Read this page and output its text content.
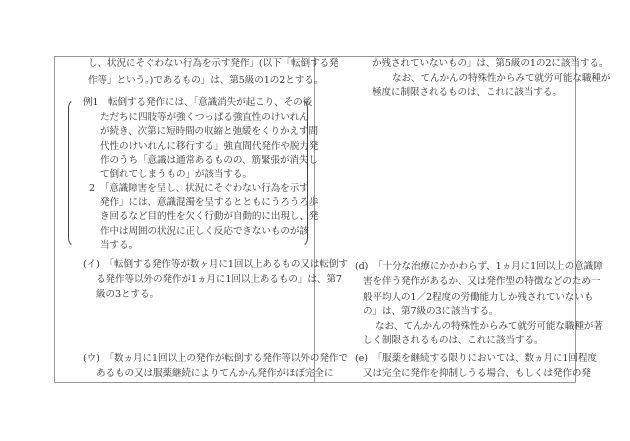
し、状況にそぐわない行為を示す発作」(以下「転倒する発
作等」という。)であるもの」は、第5級の1の2とする。
例1　転倒する発作には、「意識消失が起こり、その後
ただちに四肢等が強くつっぱる強直性のけいれん
が続き、次第に短時間の収縮と弛緩をくりかえす間
代性のけいれんに移行する」強直間代発作や脱力発
作のうち「意識は通常あるものの、筋緊張が消失し
て倒れてしまうもの」が該当する。
2　「意識障害を呈し、状況にそぐわない行為を示す
発作」には、意識混濁を呈するとともにうろうろ歩
き回るなど目的性を欠く行動が自動的に出現し、発
作中は周囲の状況に正しく反応できないものが該
当する。
(イ)　「転倒する発作等が数ヶ月に1回以上あるもの又は転倒す
る発作等以外の発作が1ヵ月に1回以上あるもの」は、第7
級の3とする。
(ウ)　「数ヵ月に1回以上の発作が転倒する発作等以外の発作で
あるもの又は服薬継続によりてんかん発作がほぼ完全に
か残されていないもの」は、第5級の1の2に該当する。
なお、てんかんの特殊性からみて就労可能な職種が
極度に制限されるものは、これに該当する。
(d)　「十分な治療にかかわらず、1ヵ月に1回以上の意識障
害を伴う発作があるか、又は発作型の特徴などのため一
般平均人の1／2程度の労働能力しか残されていないも
の」は、第7級の3に該当する。
なお、てんかんの特殊性からみて就労可能な職種が著
しく制限されるものは、これに該当する。
(e)　「服薬を継続する限りにおいては、数ヵ月に1回程度
又は完全に発作を抑制しうる場合、もしくは発作の発
